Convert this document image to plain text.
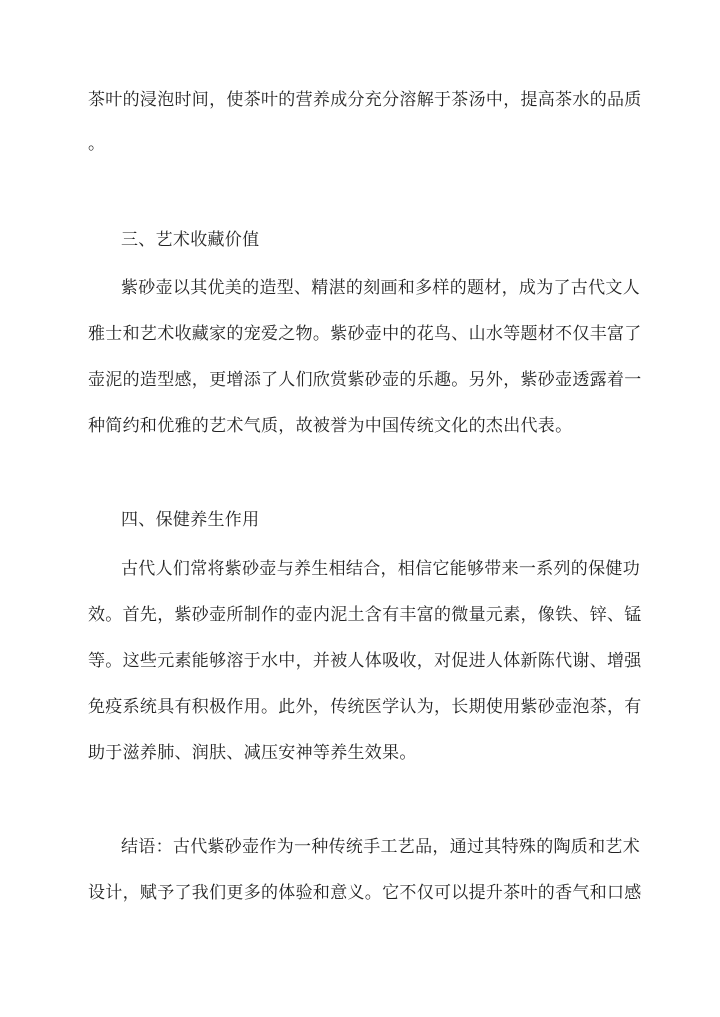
茶叶的浸泡时间，使茶叶的营养成分充分溶解于茶汤中，提高茶水的品质
。
三、艺术收藏价值
紫砂壶以其优美的造型、精湛的刻画和多样的题材，成为了古代文人
雅士和艺术收藏家的宠爱之物。紫砂壶中的花鸟、山水等题材不仅丰富了
壶泥的造型感，更增添了人们欣赏紫砂壶的乐趣。另外，紫砂壶透露着一
种简约和优雅的艺术气质，故被誉为中国传统文化的杰出代表。
四、保健养生作用
古代人们常将紫砂壶与养生相结合，相信它能够带来一系列的保健功
效。首先，紫砂壶所制作的壶内泥土含有丰富的微量元素，像铁、锌、锰
等。这些元素能够溶于水中，并被人体吸收，对促进人体新陈代谢、增强
免疫系统具有积极作用。此外，传统医学认为，长期使用紫砂壶泡茶，有
助于滋养肺、润肤、减压安神等养生效果。
结语：古代紫砂壶作为一种传统手工艺品，通过其特殊的陶质和艺术
设计，赋予了我们更多的体验和意义。它不仅可以提升茶叶的香气和口感
